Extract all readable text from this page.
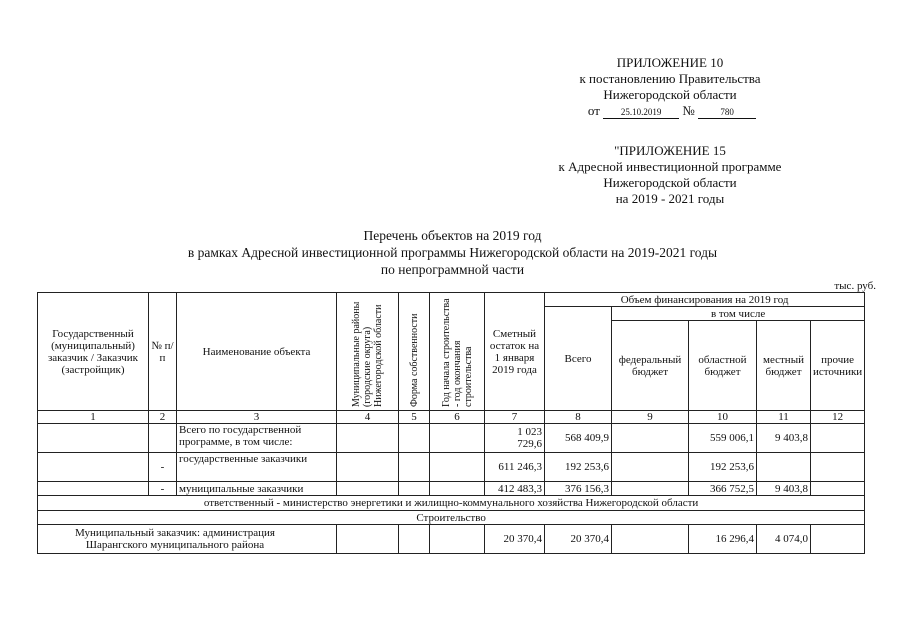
ПРИЛОЖЕНИЕ 10
к постановлению Правительства
Нижегородской области
от 25.10.2019 №	780
"ПРИЛОЖЕНИЕ 15
к Адресной инвестиционной программе
Нижегородской области
на 2019 - 2021 годы
Перечень объектов на 2019 год
в рамках Адресной инвестиционной программы Нижегородской области на 2019-2021 годы
по непрограммной части
тыс. руб.
Государственный (муниципальный) заказчик / Заказчик (застройщик)	№ п/п	Наименование объекта	Муниципальные районы (городские округа) Нижегородской области	Форма собственности	Год начала строительства - год окончания строительства	Сметный остаток на 1 января 2019 года	Объем финансирования на 2019 год				
							Всего	в том числе			
								федеральный бюджет	областной бюджет	местный бюджет	прочие источники
1	2	3	4	5	6	7	8	9	10	11	12
		Всего по государственной программе, в том числе:				1 023 729,6	568 409,9		559 006,1	9 403,8	
	-	государственные заказчики				611 246,3	192 253,6		192 253,6		
	-	муниципальные заказчики				412 483,3	376 156,3		366 752,5	9 403,8	
ответственный - министерство энергетики и жилищно-коммунального хозяйства Нижегородской области											
Строительство											
Муниципальный заказчик: администрация Шарангского муниципального района						20 370,4	20 370,4		16 296,4	4 074,0	
